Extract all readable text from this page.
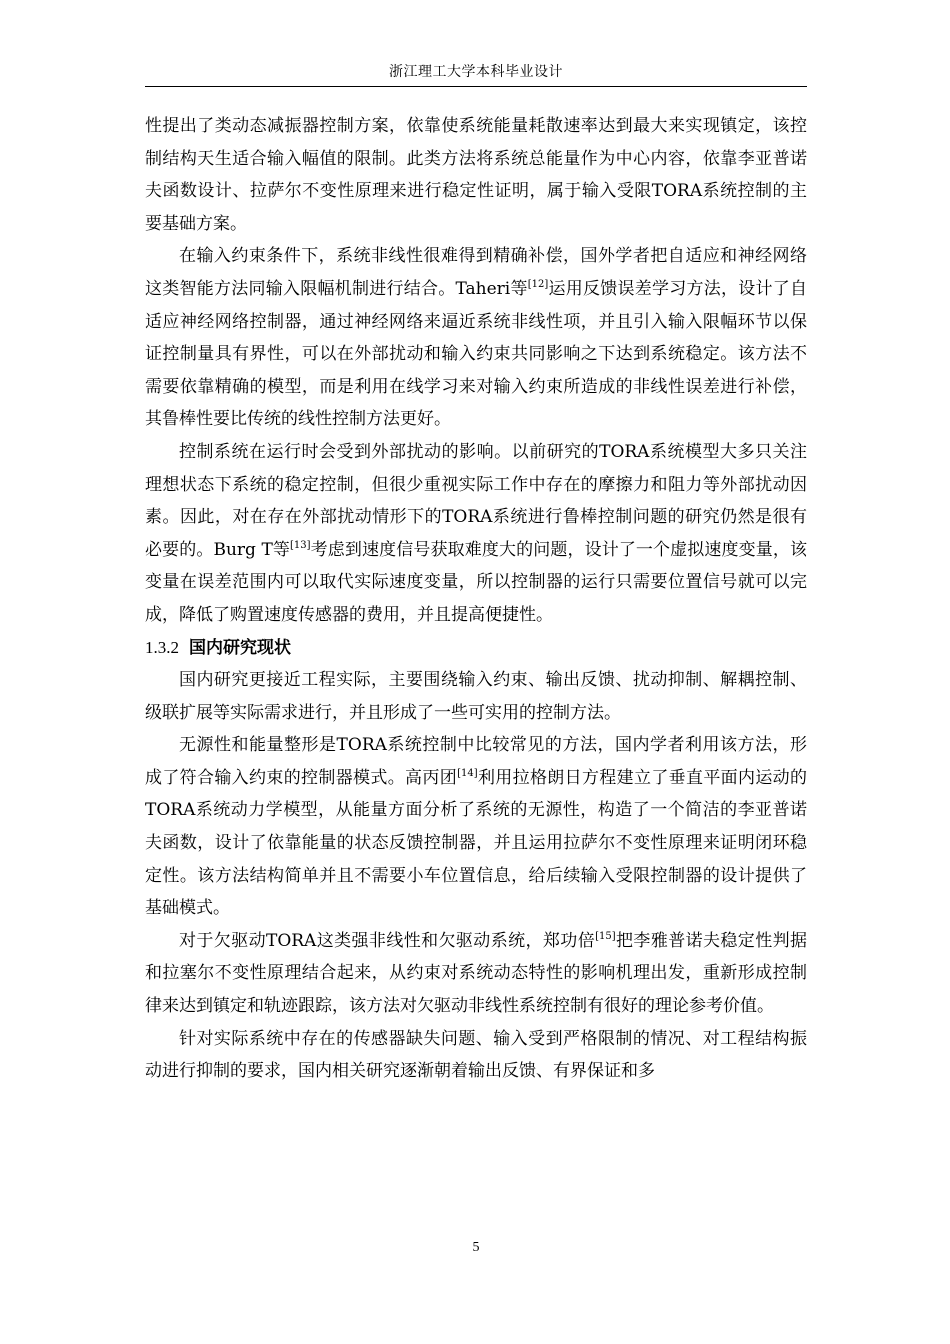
浙江理工大学本科毕业设计

性提出了类动态减振器控制方案，依靠使系统能量耗散速率达到最大来实现镇定，该控制结构天生适合输入幅值的限制。此类方法将系统总能量作为中心内容，依靠李亚普诺夫函数设计、拉萨尔不变性原理来进行稳定性证明，属于输入受限TORA系统控制的主要基础方案。

在输入约束条件下，系统非线性很难得到精确补偿，国外学者把自适应和神经网络这类智能方法同输入限幅机制进行结合。Taheri等[12]运用反馈误差学习方法，设计了自适应神经网络控制器，通过神经网络来逼近系统非线性项，并且引入输入限幅环节以保证控制量具有界性，可以在外部扰动和输入约束共同影响之下达到系统稳定。该方法不需要依靠精确的模型，而是利用在线学习来对输入约束所造成的非线性误差进行补偿，其鲁棒性要比传统的线性控制方法更好。

控制系统在运行时会受到外部扰动的影响。以前研究的TORA系统模型大多只关注理想状态下系统的稳定控制，但很少重视实际工作中存在的摩擦力和阻力等外部扰动因素。因此，对在存在外部扰动情形下的TORA系统进行鲁棒控制问题的研究仍然是很有必要的。Burg T等[13]考虑到速度信号获取难度大的问题，设计了一个虚拟速度变量，该变量在误差范围内可以取代实际速度变量，所以控制器的运行只需要位置信号就可以完成，降低了购置速度传感器的费用，并且提高便捷性。

1.3.2 国内研究现状

国内研究更接近工程实际，主要围绕输入约束、输出反馈、扰动抑制、解耦控制、级联扩展等实际需求进行，并且形成了一些可实用的控制方法。

无源性和能量整形是TORA系统控制中比较常见的方法，国内学者利用该方法，形成了符合输入约束的控制器模式。高丙团[14]利用拉格朗日方程建立了垂直平面内运动的TORA系统动力学模型，从能量方面分析了系统的无源性，构造了一个简洁的李亚普诺夫函数，设计了依靠能量的状态反馈控制器，并且运用拉萨尔不变性原理来证明闭环稳定性。该方法结构简单并且不需要小车位置信息，给后续输入受限控制器的设计提供了基础模式。

对于欠驱动TORA这类强非线性和欠驱动系统，郑功倍[15]把李雅普诺夫稳定性判据和拉塞尔不变性原理结合起来，从约束对系统动态特性的影响机理出发，重新形成控制律来达到镇定和轨迹跟踪，该方法对欠驱动非线性系统控制有很好的理论参考价值。

针对实际系统中存在的传感器缺失问题、输入受到严格限制的情况、对工程结构振动进行抑制的要求，国内相关研究逐渐朝着输出反馈、有界保证和多

5
